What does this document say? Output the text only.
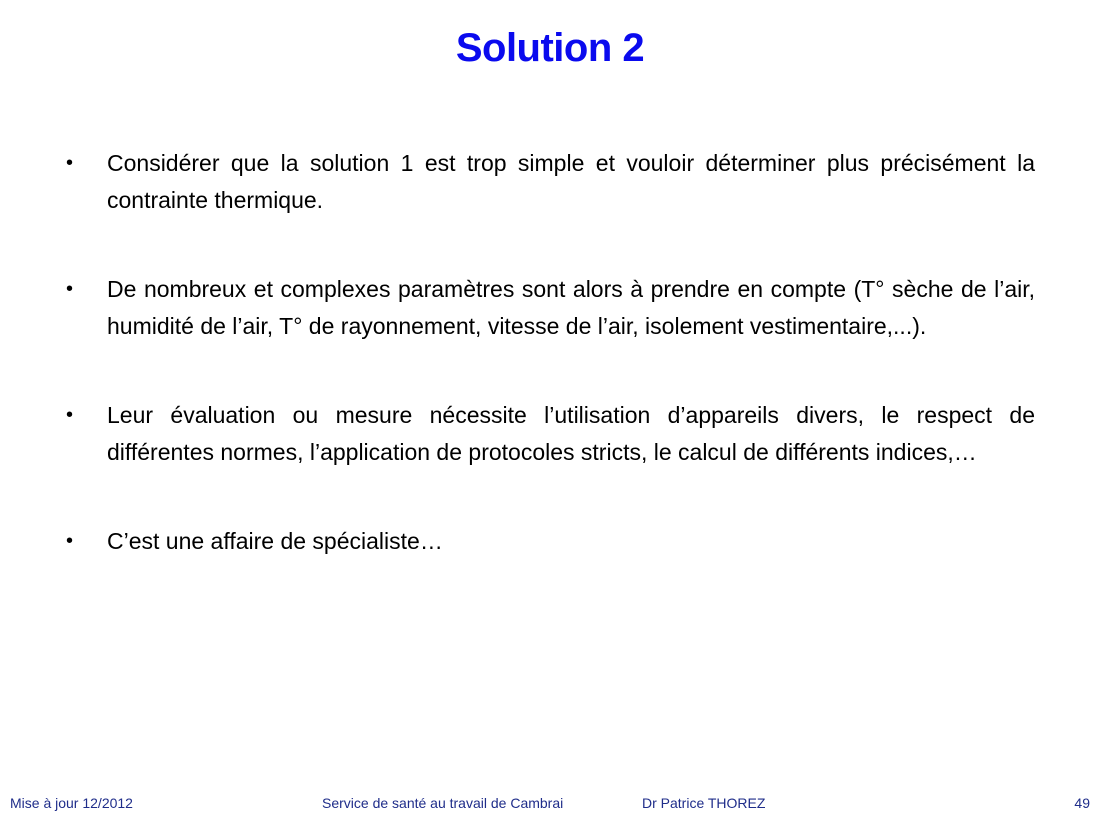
Solution 2
• Considérer que la solution 1 est trop simple et vouloir déterminer plus précisément la contrainte thermique.
• De nombreux et complexes paramètres sont alors à prendre en compte (T° sèche de l’air, humidité de l’air, T° de rayonnement, vitesse de l’air, isolement vestimentaire,...).
• Leur évaluation ou mesure nécessite l’utilisation d’appareils divers, le respect de différentes normes, l’application de protocoles stricts, le calcul de différents indices,…
• C’est une affaire de spécialiste…
Mise à jour 12/2012	Service de santé au travail de Cambrai	Dr Patrice THOREZ	49
